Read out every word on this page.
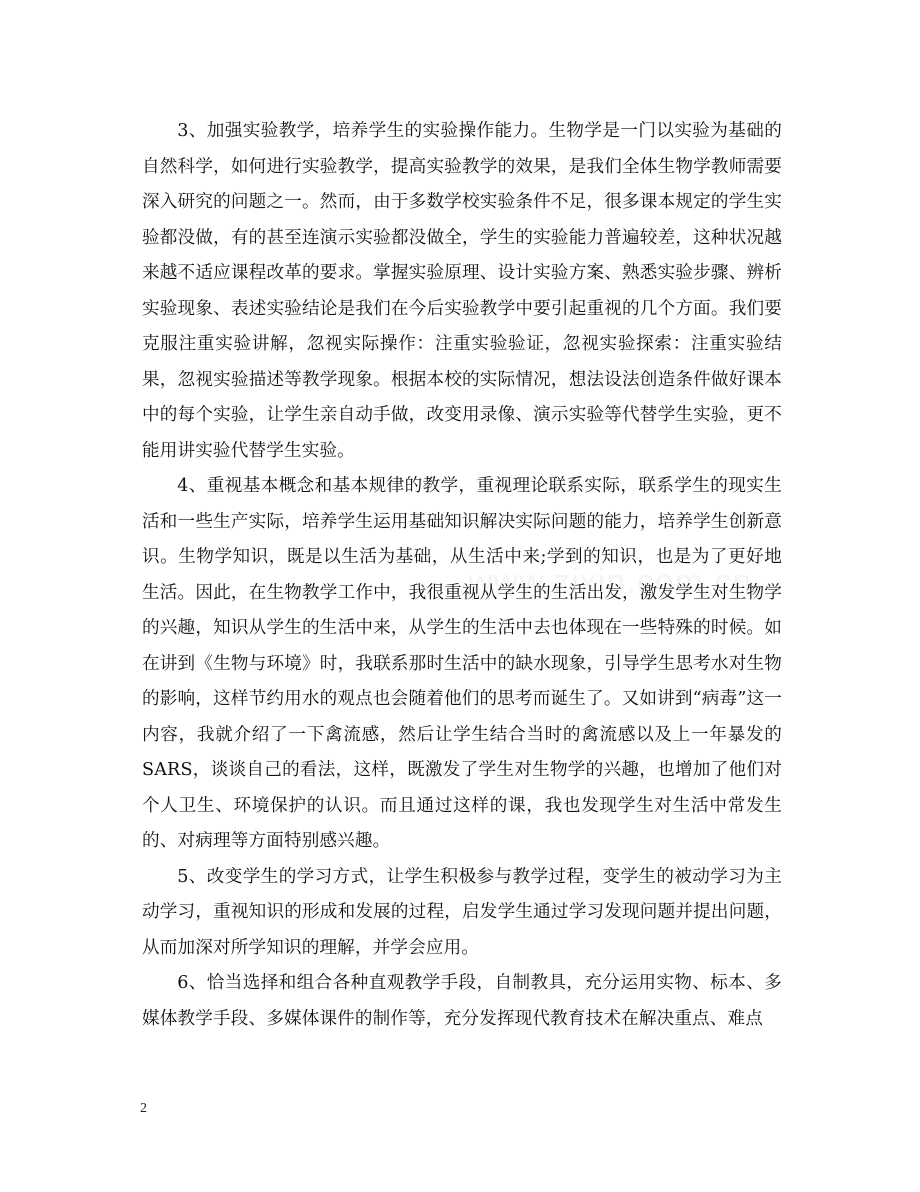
3、加强实验教学，培养学生的实验操作能力。生物学是一门以实验为基础的自然科学，如何进行实验教学，提高实验教学的效果，是我们全体生物学教师需要深入研究的问题之一。然而，由于多数学校实验条件不足，很多课本规定的学生实验都没做，有的甚至连演示实验都没做全，学生的实验能力普遍较差，这种状况越来越不适应课程改革的要求。掌握实验原理、设计实验方案、熟悉实验步骤、辨析实验现象、表述实验结论是我们在今后实验教学中要引起重视的几个方面。我们要克服注重实验讲解，忽视实际操作：注重实验验证，忽视实验探索：注重实验结果，忽视实验描述等教学现象。根据本校的实际情况，想法设法创造条件做好课本中的每个实验，让学生亲自动手做，改变用录像、演示实验等代替学生实验，更不能用讲实验代替学生实验。

4、重视基本概念和基本规律的教学，重视理论联系实际，联系学生的现实生活和一些生产实际，培养学生运用基础知识解决实际问题的能力，培养学生创新意识。生物学知识，既是以生活为基础，从生活中来;学到的知识，也是为了更好地生活。因此，在生物教学工作中，我很重视从学生的生活出发，激发学生对生物学的兴趣，知识从学生的生活中来，从学生的生活中去也体现在一些特殊的时候。如在讲到《生物与环境》时，我联系那时生活中的缺水现象，引导学生思考水对生物的影响，这样节约用水的观点也会随着他们的思考而诞生了。又如讲到“病毒”这一内容，我就介绍了一下禽流感，然后让学生结合当时的禽流感以及上一年暴发的SARS，谈谈自己的看法，这样，既激发了学生对生物学的兴趣，也增加了他们对个人卫生、环境保护的认识。而且通过这样的课，我也发现学生对生活中常发生的、对病理等方面特别感兴趣。

5、改变学生的学习方式，让学生积极参与教学过程，变学生的被动学习为主动学习，重视知识的形成和发展的过程，启发学生通过学习发现问题并提出问题，从而加深对所学知识的理解，并学会应用。

6、恰当选择和组合各种直观教学手段，自制教具，充分运用实物、标本、多媒体教学手段、多媒体课件的制作等，充分发挥现代教育技术在解决重点、难点

2
